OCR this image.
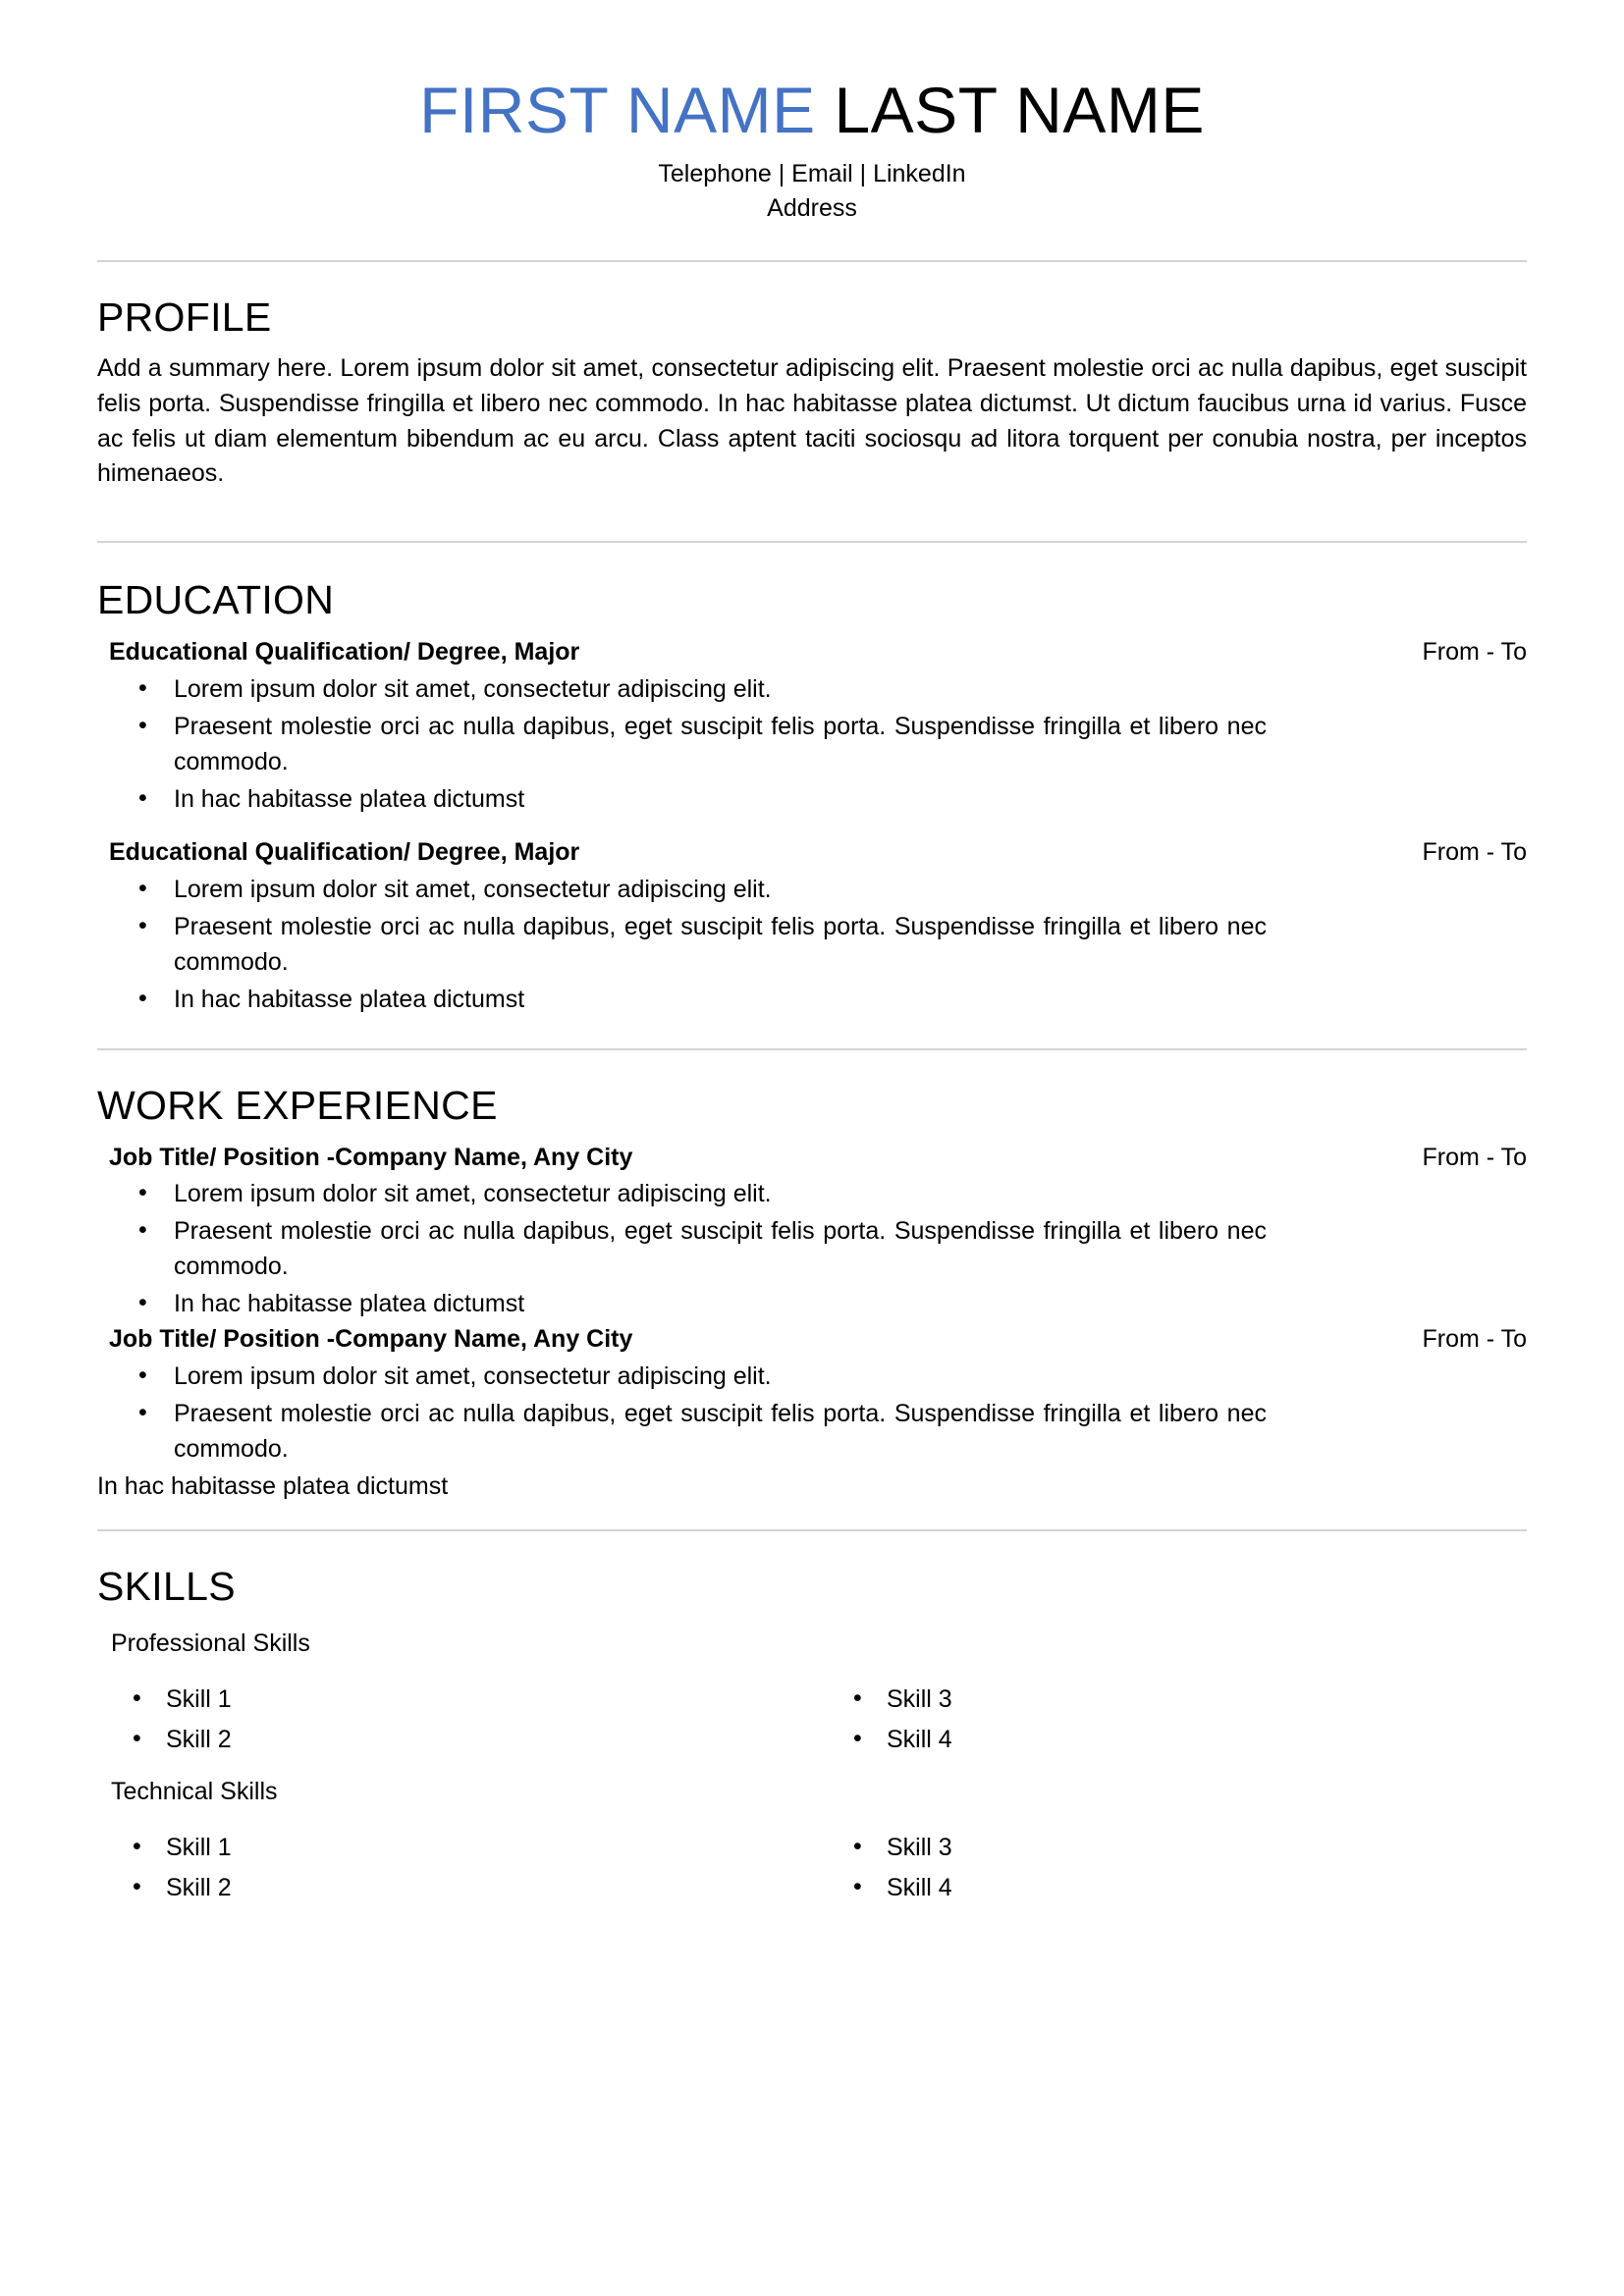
FIRST NAME LAST NAME
Telephone | Email | LinkedIn
Address
PROFILE

Add a summary here. Lorem ipsum dolor sit amet, consectetur adipiscing elit. Praesent molestie orci ac nulla dapibus, eget suscipit felis porta. Suspendisse fringilla et libero nec commodo. In hac habitasse platea dictumst. Ut dictum faucibus urna id varius. Fusce ac felis ut diam elementum bibendum ac eu arcu. Class aptent taciti sociosqu ad litora torquent per conubia nostra, per inceptos himenaeos.

EDUCATION
Educational Qualification/ Degree, Major	From - To
• Lorem ipsum dolor sit amet, consectetur adipiscing elit.
• Praesent molestie orci ac nulla dapibus, eget suscipit felis porta. Suspendisse fringilla et libero nec commodo.
• In hac habitasse platea dictumst
Educational Qualification/ Degree, Major	From - To
• Lorem ipsum dolor sit amet, consectetur adipiscing elit.
• Praesent molestie orci ac nulla dapibus, eget suscipit felis porta. Suspendisse fringilla et libero nec commodo.
• In hac habitasse platea dictumst
WORK EXPERIENCE
Job Title/ Position -Company Name, Any City	From - To
• Lorem ipsum dolor sit amet, consectetur adipiscing elit.
• Praesent molestie orci ac nulla dapibus, eget suscipit felis porta. Suspendisse fringilla et libero nec commodo.
• In hac habitasse platea dictumst
Job Title/ Position -Company Name, Any City	From - To
• Lorem ipsum dolor sit amet, consectetur adipiscing elit.
• Praesent molestie orci ac nulla dapibus, eget suscipit felis porta. Suspendisse fringilla et libero nec commodo.
In hac habitasse platea dictumst
SKILLS
Professional Skills
• Skill 1
• Skill 2
• Skill 3
• Skill 4
Technical Skills
• Skill 1
• Skill 2
• Skill 3
• Skill 4
